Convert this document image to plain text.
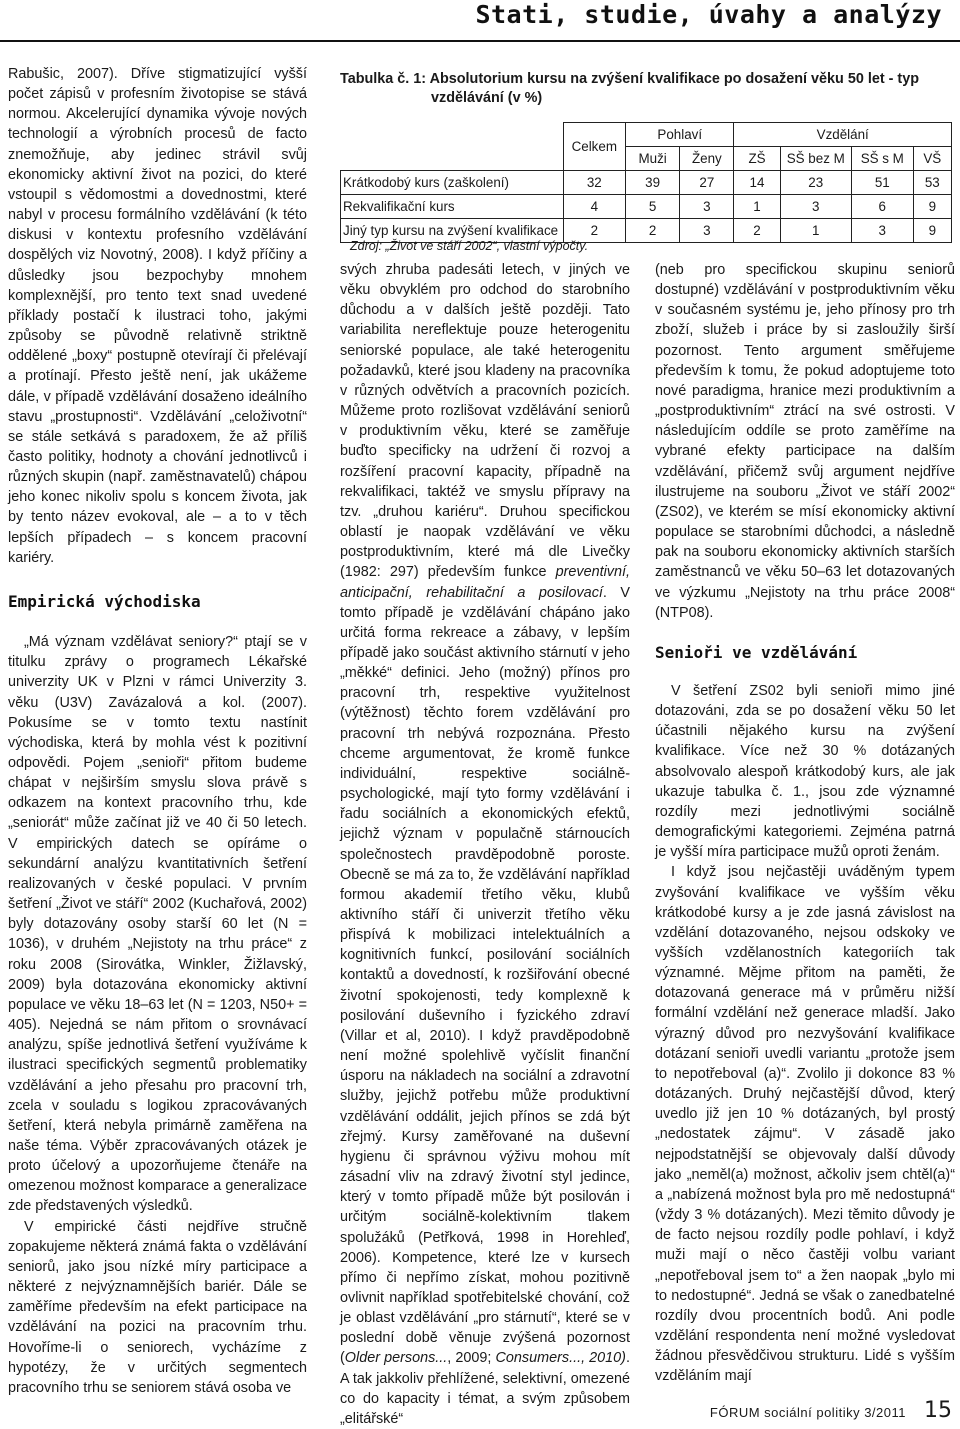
Stati, studie, úvahy a analýzy

Rabušic, 2007). Dříve stigmatizující vyšší počet zápisů v profesním životopise se stává normou. Akcelerující dynamika vývoje nových technologií a výrobních procesů de facto znemožňuje, aby jedinec strávil svůj ekonomicky aktivní život na pozici, do které vstoupil s vědomostmi a dovednostmi, které nabyl v procesu formálního vzdělávání (k této diskusi v kontextu profesního vzdělávání dospělých viz Novotný, 2008). I když příčiny a důsledky jsou bezpochyby mnohem komplexnější, pro tento text snad uvedené příklady postačí k ilustraci toho, jakými způsoby se původně relativně striktně oddělené „boxy“ postupně otevírají či přelévají a protínají. Přesto ještě není, jak ukážeme dále, v případě vzdělávání dosaženo ideálního stavu „prostupnosti“. Vzdělávání „celoživotní“ se stále setkává s paradoxem, že až příliš často politiky, hodnoty a chování jednotlivců i různých skupin (např. zaměstnavatelů) chápou jeho konec nikoliv spolu s koncem života, jak by tento název evokoval, ale – a to v těch lepších případech – s koncem pracovní kariéry.

Empirická východiska

„Má význam vzdělávat seniory?“ ptají se v titulku zprávy o programech Lékařské univerzity UK v Plzni v rámci Univerzity 3. věku (U3V) Zavázalová a kol. (2007). Pokusíme se v tomto textu nastínit východiska, která by mohla vést k pozitivní odpovědi. Pojem „senioři“ přitom budeme chápat v nejširším smyslu slova právě s odkazem na kontext pracovního trhu, kde „seniorát“ může začínat již ve 40 či 50 letech. V empirických datech se opíráme o sekundární analýzu kvantitativních šetření realizovaných v české populaci. V prvním šetření „Život ve stáří“ 2002 (Kuchařová, 2002) byly dotazovány osoby starší 60 let (N = 1036), v druhém „Nejistoty na trhu práce“ z roku 2008 (Sirovátka, Winkler, Žižlavský, 2009) byla dotazována ekonomicky aktivní populace ve věku 18–63 let (N = 1203, N50+ = 405). Nejedná se nám přitom o srovnávací analýzu, spíše jednotlivá šetření využíváme k ilustraci specifických segmentů problematiky vzdělávání a jeho přesahu pro pracovní trh, zcela v souladu s logikou zpracovávaných šetření, která nebyla primárně zaměřena na naše téma. Výběr zpracovávaných otázek je proto účelový a upozorňujeme čtenáře na omezenou možnost komparace a generalizace zde představených výsledků.

V empirické části nejdříve stručně zopakujeme některá známá fakta o vzdělávání seniorů, jako jsou nízké míry participace a některé z nejvýznamnějších bariér. Dále se zaměříme především na efekt participace na vzdělávání na pozici na pracovním trhu. Hovoříme-li o seniorech, vycházíme z hypotézy, že v určitých segmentech pracovního trhu se seniorem stává osoba ve

Tabulka č. 1: Absolutorium kursu na zvýšení kvalifikace po dosažení věku 50 let - typ
vzdělávání (v %)
	Celkem	Pohlaví		Vzdělání			
		Muži	Ženy	ZŠ	SŠ bez M	SŠ s M	VŠ
Krátkodobý kurs (zaškolení)	32	39	27	14	23	51	53
Rekvalifikační kurs	4	5	3	1	3	6	9
Jiný typ kursu na zvýšení kvalifikace	2	2	3	2	1	3	9
Zdroj: „Život ve stáří 2002“, vlastní výpočty.

svých zhruba padesáti letech, v jiných ve věku obvyklém pro odchod do starobního důchodu a v dalších ještě později. Tato variabilita nereflektuje pouze heterogenitu seniorské populace, ale také heterogenitu požadavků, které jsou kladeny na pracovníka v různých odvětvích a pracovních pozicích. Můžeme proto rozlišovat vzdělávání seniorů v produktivním věku, které se zaměřuje buďto specificky na udržení či rozvoj a rozšíření pracovní kapacity, případně na rekvalifikaci, taktéž ve smyslu přípravy na tzv. „druhou kariéru“. Druhou specifickou oblastí je naopak vzdělávání ve věku postproduktivním, které má dle Livečky (1982: 297) především funkce preventivní, anticipační, rehabilitační a posilovací. V tomto případě je vzdělávání chápáno jako určitá forma rekreace a zábavy, v lepším případě jako součást aktivního stárnutí v jeho „měkké“ definici. Jeho (možný) přínos pro pracovní trh, respektive využitelnost (výtěžnost) těchto forem vzdělávání pro pracovní trh nebývá rozpoznána. Přesto chceme argumentovat, že kromě funkce individuální, respektive sociálně-psychologické, mají tyto formy vzdělávání i řadu sociálních a ekonomických efektů, jejichž význam v populačně stárnoucích společnostech pravděpodobně poroste. Obecně se má za to, že vzdělávání například formou akademií třetího věku, klubů aktivního stáří či univerzit třetího věku přispívá k mobilizaci intelektuálních a kognitivních funkcí, posilování sociálních kontaktů a dovedností, k rozšiřování obecné životní spokojenosti, tedy komplexně k posilování duševního i fyzického zdraví (Villar et al, 2010). I když pravděpodobně není možné spolehlivě vyčíslit finanční úsporu na nákladech na sociální a zdravotní služby, jejichž potřebu může produktivní vzdělávání oddálit, jejich přínos se zdá být zřejmý. Kursy zaměřované na duševní hygienu či správnou výživu mohou mít zásadní vliv na zdravý životní styl jedince, který v tomto případě může být posilován i určitým sociálně-kolektivním tlakem spolužáků (Petřková, 1998 in Horehleď, 2006). Kompetence, které lze v kursech přímo či nepřímo získat, mohou pozitivně ovlivnit například spotřebitelské chování, což je oblast vzdělávání „pro stárnutí“, které se v poslední době věnuje zvýšená pozornost (Older persons..., 2009; Consumers..., 2010). A tak jakkoliv přehlížené, selektivní, omezené co do kapacity i témat, a svým způsobem „elitářské“

(neb pro specifickou skupinu seniorů dostupné) vzdělávání v postproduktivním věku v současném systému je, jeho přínosy pro trh zboží, služeb i práce by si zasloužily širší pozornost. Tento argument směřujeme především k tomu, že pokud adoptujeme toto nové paradigma, hranice mezi produktivním a „postproduktivním“ ztrácí na své ostrosti. V následujícím oddíle se proto zaměříme na vybrané efekty participace na dalším vzdělávání, přičemž svůj argument nejdříve ilustrujeme na souboru „Život ve stáří 2002“ (ZS02), ve kterém se mísí ekonomicky aktivní populace se starobními důchodci, a následně pak na souboru ekonomicky aktivních starších zaměstnanců ve věku 50–63 let dotazovaných ve výzkumu „Nejistoty na trhu práce 2008“ (NTP08).

Senioři ve vzdělávání

V šetření ZS02 byli senioři mimo jiné dotazováni, zda se po dosažení věku 50 let účastnili nějakého kursu na zvýšení kvalifikace. Více než 30 % dotázaných absolvovalo alespoň krátkodobý kurs, ale jak ukazuje tabulka č. 1., jsou zde významné rozdíly mezi jednotlivými sociálně demografickými kategoriemi. Zejména patrná je vyšší míra participace mužů oproti ženám.

I když jsou nejčastěji uváděným typem zvyšování kvalifikace ve vyšším věku krátkodobé kursy a je zde jasná závislost na vzdělání dotazovaného, nejsou odskoky ve vyšších vzdělanostních kategoriích tak významné. Mějme přitom na paměti, že dotazovaná generace má v průměru nižší formální vzdělání než generace mladší. Jako výrazný důvod pro nezvyšování kvalifikace dotázaní senioři uvedli variantu „protože jsem to nepotřeboval (a)“. Zvolilo ji dokonce 83 % dotázaných. Druhý nejčastější důvod, který uvedlo již jen 10 % dotázaných, byl prostý „nedostatek zájmu“. V zásadě jako nejpodstatnější se objevovaly další důvody jako „neměl(a) možnost, ačkoliv jsem chtěl(a)“ a „nabízená možnost byla pro mě nedostupná“ (vždy 3 % dotázaných). Mezi těmito důvody je de facto nejsou rozdíly podle pohlaví, i když muži mají o něco častěji volbu variant „nepotřeboval jsem to“ a žen naopak „bylo mi to nedostupné“. Jedná se však o zanedbatelné rozdíly dvou procentních bodů. Ani podle vzdělání respondenta není možné vysledovat žádnou přesvědčivou strukturu. Lidé s vyšším vzděláním mají

FÓRUM sociální politiky 3/2011 15
